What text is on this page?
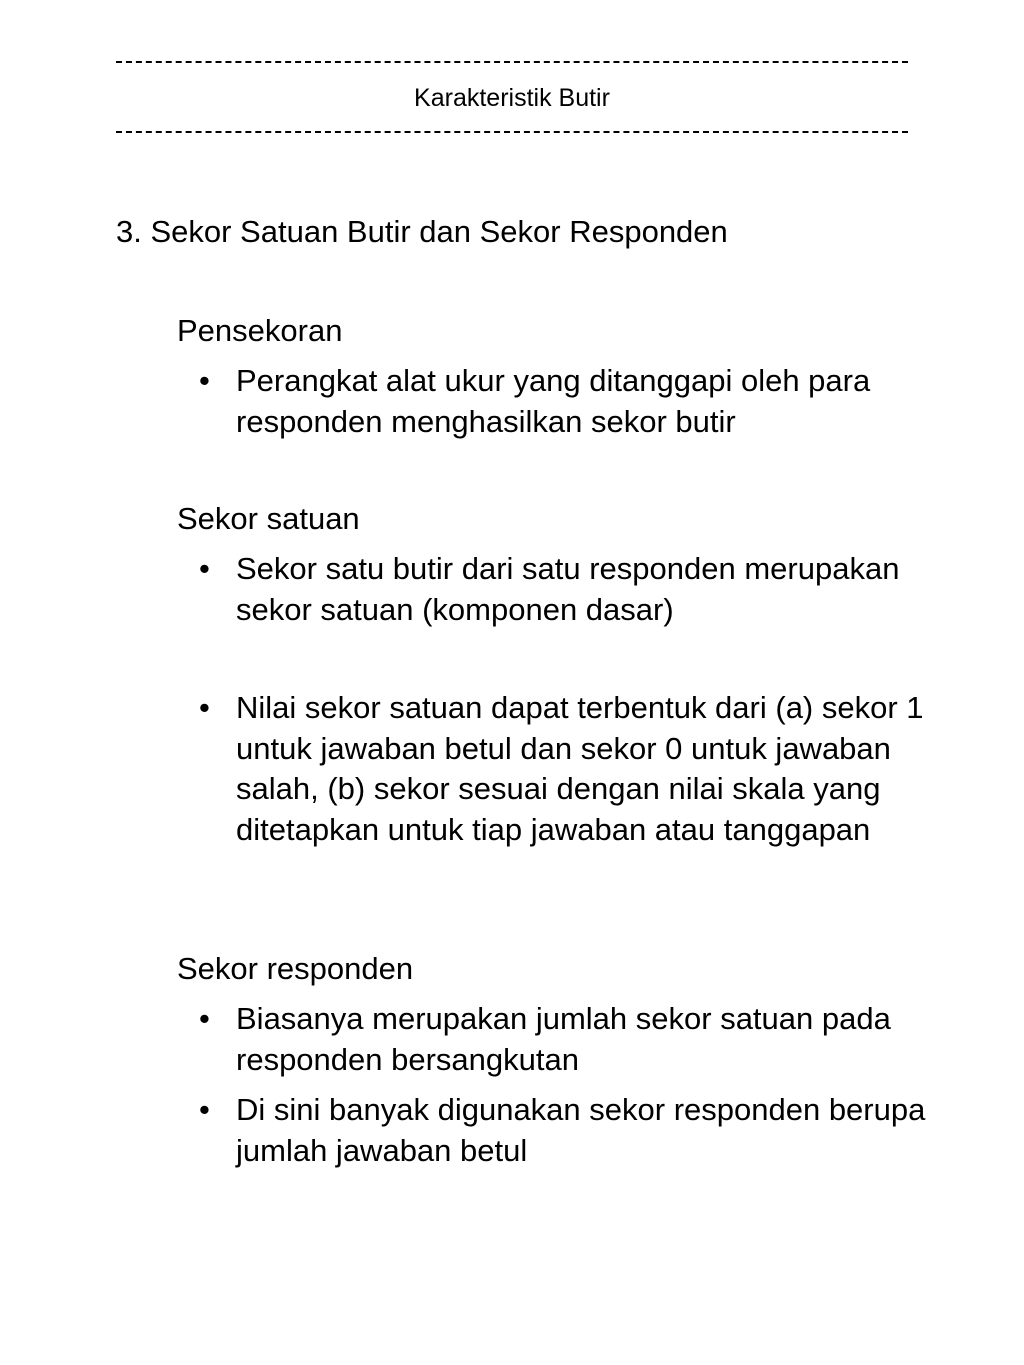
Karakteristik Butir
3. Sekor Satuan Butir dan Sekor Responden
Pensekoran
• Perangkat alat ukur yang ditanggapi oleh para responden menghasilkan sekor butir
Sekor satuan
• Sekor satu butir dari satu responden merupakan sekor satuan (komponen dasar)
• Nilai sekor satuan dapat terbentuk dari (a) sekor 1 untuk jawaban betul dan sekor 0 untuk jawaban salah, (b) sekor sesuai dengan nilai skala yang ditetapkan untuk tiap jawaban atau tanggapan
Sekor responden
• Biasanya merupakan jumlah sekor satuan pada responden bersangkutan
• Di sini banyak digunakan sekor responden berupa jumlah jawaban betul
